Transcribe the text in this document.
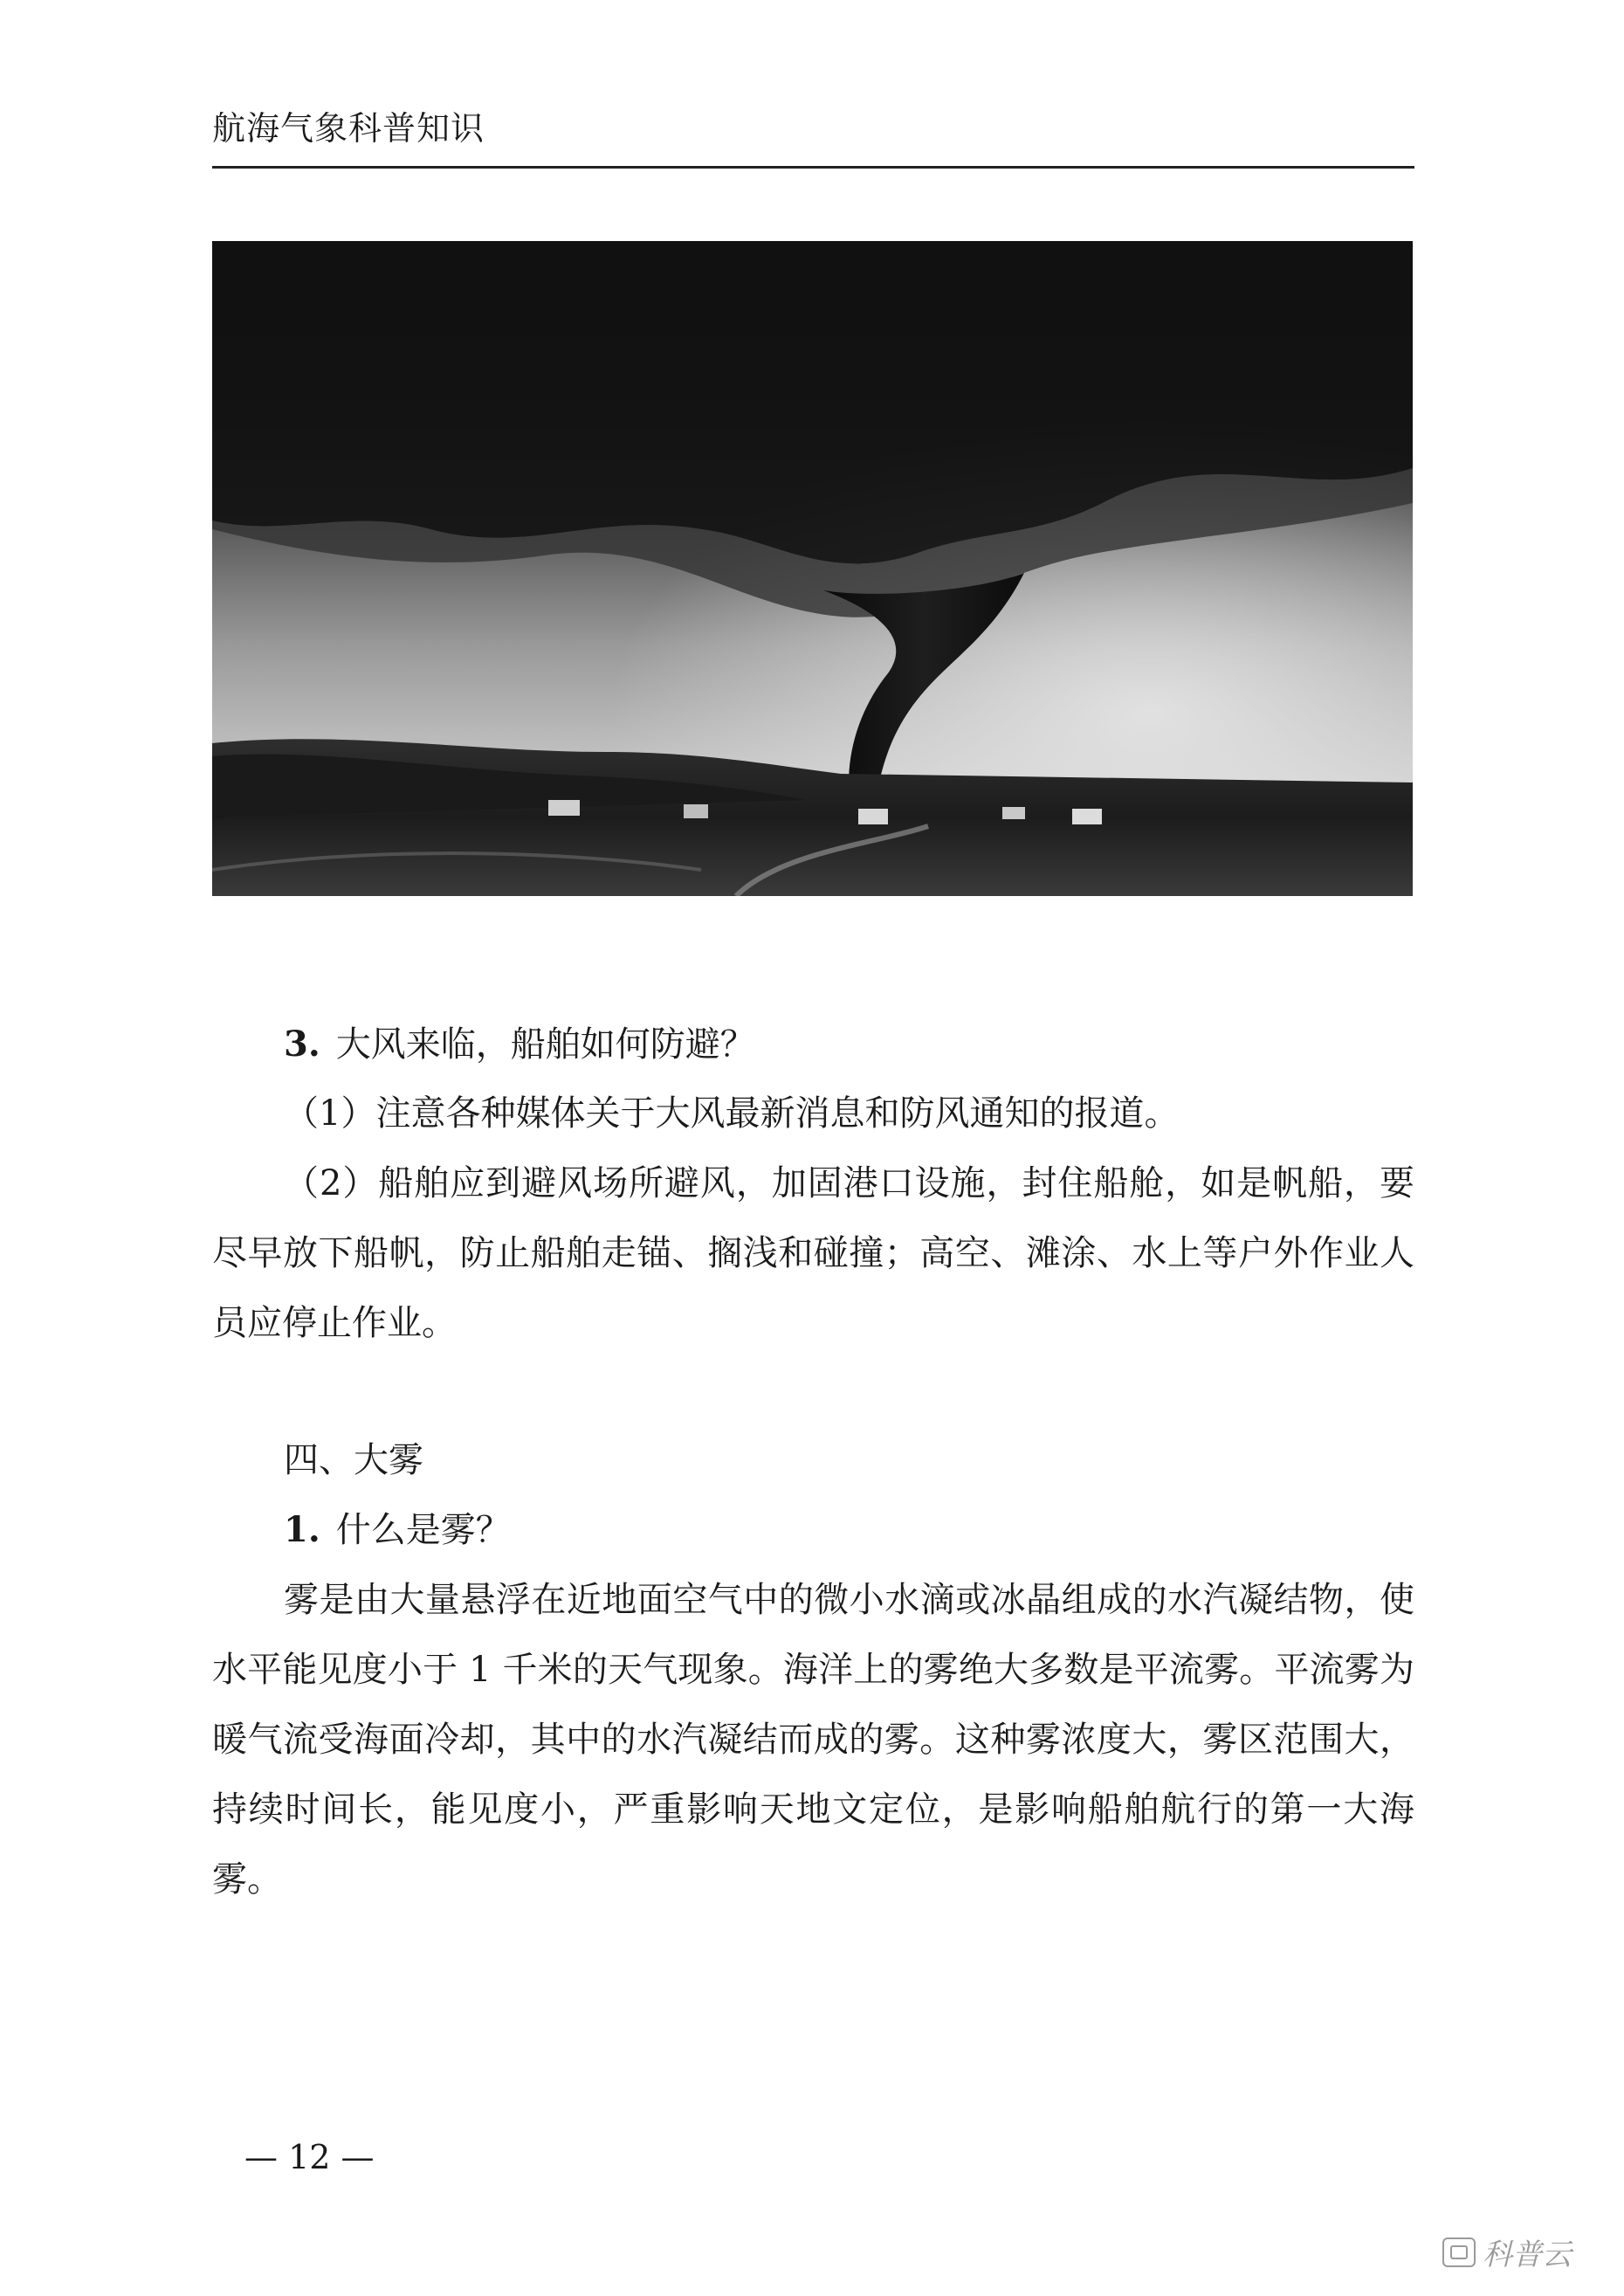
航海气象科普知识
3. 大风来临，船舶如何防避？
（1）注意各种媒体关于大风最新消息和防风通知的报道。
（2）船舶应到避风场所避风，加固港口设施，封住船舱，如是帆船，要尽早放下船帆，防止船舶走锚、搁浅和碰撞；高空、滩涂、水上等户外作业人员应停止作业。
四、大雾
1. 什么是雾？
雾是由大量悬浮在近地面空气中的微小水滴或冰晶组成的水汽凝结物，使水平能见度小于 1 千米的天气现象。海洋上的雾绝大多数是平流雾。平流雾为暖气流受海面冷却，其中的水汽凝结而成的雾。这种雾浓度大，雾区范围大，持续时间长，能见度小，严重影响天地文定位，是影响船舶航行的第一大海雾。
— 12 —
科普云
